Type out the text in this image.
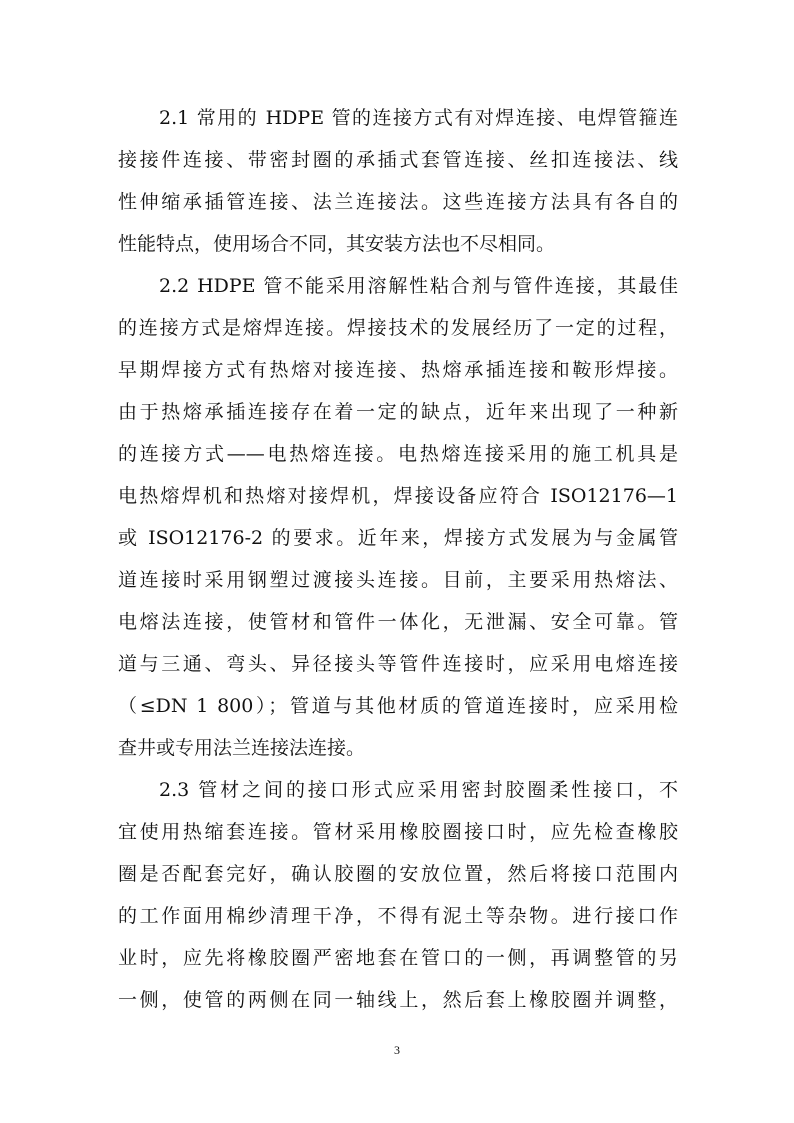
2.1 常用的 HDPE 管的连接方式有对焊连接、电焊管箍连
接接件连接、带密封圈的承插式套管连接、丝扣连接法、线
性伸缩承插管连接、法兰连接法。这些连接方法具有各自的
性能特点，使用场合不同，其安装方法也不尽相同。
2.2 HDPE 管不能采用溶解性粘合剂与管件连接，其最佳
的连接方式是熔焊连接。焊接技术的发展经历了一定的过程，
早期焊接方式有热熔对接连接、热熔承插连接和鞍形焊接。
由于热熔承插连接存在着一定的缺点，近年来出现了一种新
的连接方式——电热熔连接。电热熔连接采用的施工机具是
电热熔焊机和热熔对接焊机，焊接设备应符合 ISO12176—1
或 ISO12176-2 的要求。近年来，焊接方式发展为与金属管
道连接时采用钢塑过渡接头连接。目前，主要采用热熔法、
电熔法连接，使管材和管件一体化，无泄漏、安全可靠。管
道与三通、弯头、异径接头等管件连接时，应采用电熔连接
（≤DN 1 800）；管道与其他材质的管道连接时，应采用检
查井或专用法兰连接法连接。
2.3 管材之间的接口形式应采用密封胶圈柔性接口，不
宜使用热缩套连接。管材采用橡胶圈接口时，应先检查橡胶
圈是否配套完好，确认胶圈的安放位置，然后将接口范围内
的工作面用棉纱清理干净，不得有泥土等杂物。进行接口作
业时，应先将橡胶圈严密地套在管口的一侧，再调整管的另
一侧，使管的两侧在同一轴线上，然后套上橡胶圈并调整，
3
